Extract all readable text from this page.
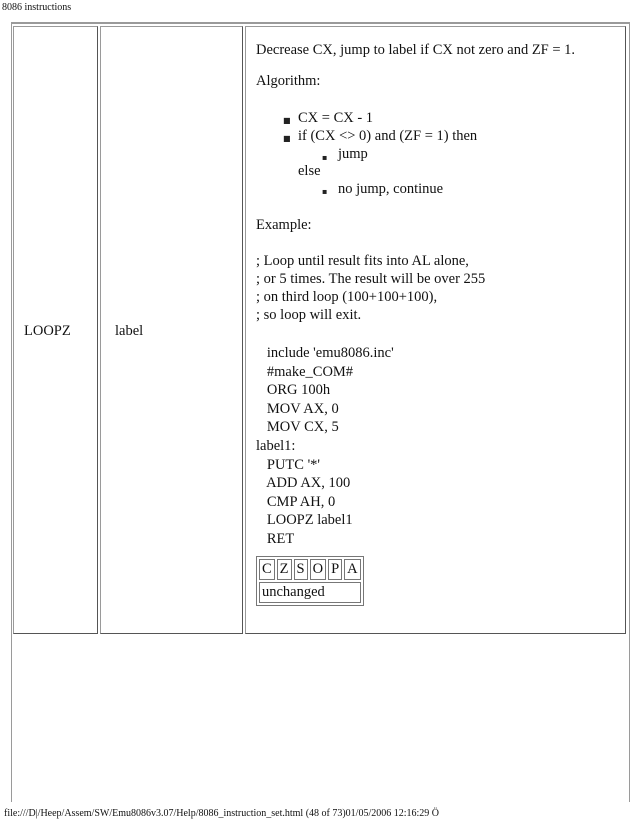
8086 instructions
LOOPZ	label
Decrease CX, jump to label if CX not zero and ZF = 1.
Algorithm:
■ CX = CX - 1
■ if (CX <> 0) and (ZF = 1) then
▪ jump
else
▪ no jump, continue
Example:
; Loop until result fits into AL alone,
; or 5 times. The result will be over 255
; on third loop (100+100+100),
; so loop will exit.
include 'emu8086.inc'
#make_COM#
ORG 100h
MOV AX, 0
MOV CX, 5
label1:
PUTC '*'
ADD AX, 100
CMP AH, 0
LOOPZ label1
RET
C	Z	S	O	P	A
unchanged
file:///D|/Heep/Assem/SW/Emu8086v3.07/Help/8086_instruction_set.html (48 of 73)01/05/2006 12:16:29 Ö
